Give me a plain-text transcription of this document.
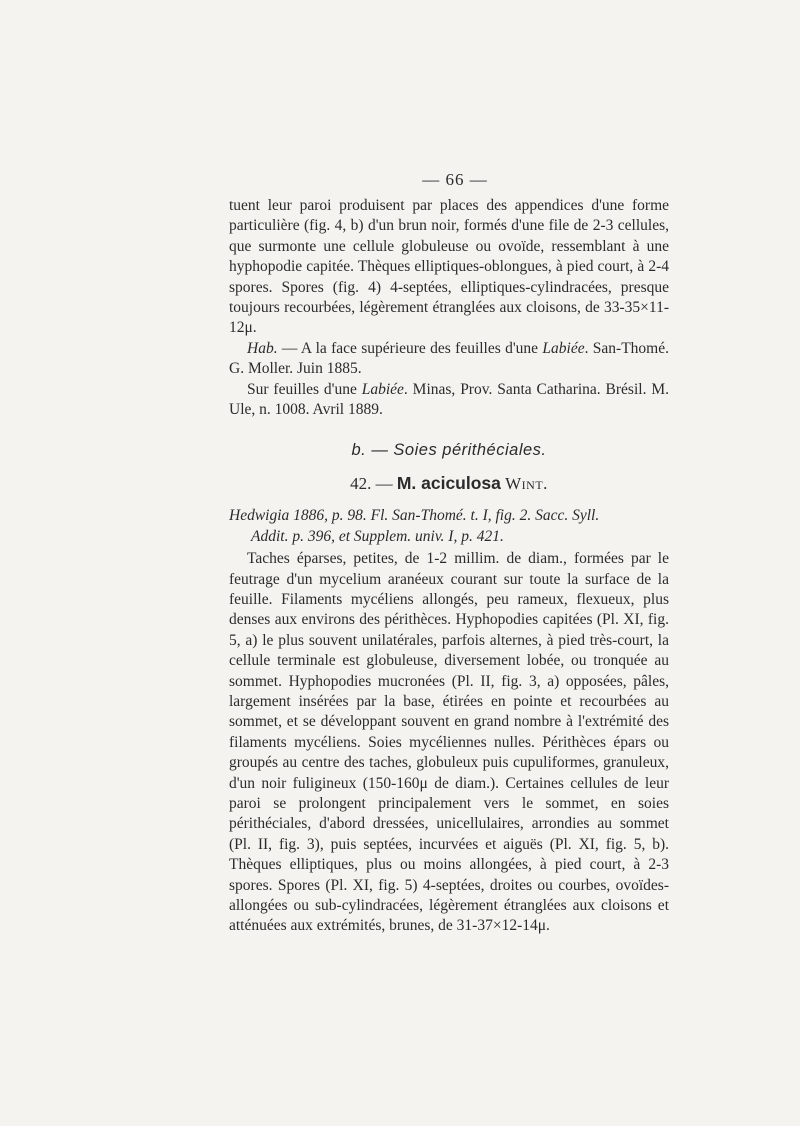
— 66 —

tuent leur paroi produisent par places des appendices d'une forme particulière (fig. 4, b) d'un brun noir, formés d'une file de 2-3 cellules, que surmonte une cellule globuleuse ou ovoïde, ressemblant à une hyphopodie capitée. Thèques elliptiques-oblongues, à pied court, à 2-4 spores. Spores (fig. 4) 4-septées, elliptiques-cylindracées, presque toujours recourbées, légèrement étranglées aux cloisons, de 33-35×11-12μ.

Hab. — A la face supérieure des feuilles d'une Labiée. San-Thomé. G. Moller. Juin 1885.

Sur feuilles d'une Labiée. Minas, Prov. Santa Catharina. Brésil. M. Ule, n. 1008. Avril 1889.

b. — Soies périthéciales.
42. — M. aciculosa Wint.
Hedwigia 1886, p. 98. Fl. San-Thomé. t. I, fig. 2. Sacc. Syll.
Addit. p. 396, et Supplem. univ. I, p. 421.

Taches éparses, petites, de 1-2 millim. de diam., formées par le feutrage d'un mycelium aranéeux courant sur toute la surface de la feuille. Filaments mycéliens allongés, peu rameux, flexueux, plus denses aux environs des périthèces. Hyphopodies capitées (Pl. XI, fig. 5, a) le plus souvent unilatérales, parfois alternes, à pied très-court, la cellule terminale est globuleuse, diversement lobée, ou tronquée au sommet. Hyphopodies mucronées (Pl. II, fig. 3, a) opposées, pâles, largement insérées par la base, étirées en pointe et recourbées au sommet, et se développant souvent en grand nombre à l'extrémité des filaments mycéliens. Soies mycéliennes nulles. Périthèces épars ou groupés au centre des taches, globuleux puis cupuliformes, granuleux, d'un noir fuligineux (150-160μ de diam.). Certaines cellules de leur paroi se prolongent principalement vers le sommet, en soies périthéciales, d'abord dressées, unicellulaires, arrondies au sommet (Pl. II, fig. 3), puis septées, incurvées et aiguës (Pl. XI, fig. 5, b). Thèques elliptiques, plus ou moins allongées, à pied court, à 2-3 spores. Spores (Pl. XI, fig. 5) 4-septées, droites ou courbes, ovoïdes-allongées ou sub-cylindracées, légèrement étranglées aux cloisons et atténuées aux extrémités, brunes, de 31-37×12-14μ.
